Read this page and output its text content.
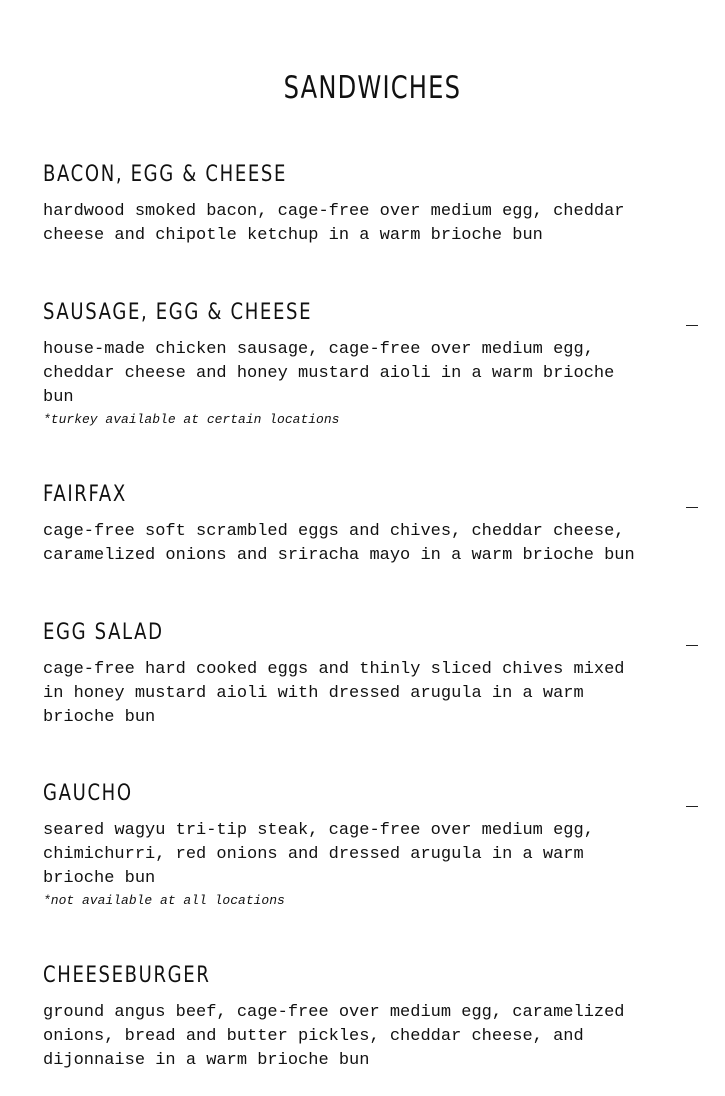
SANDWICHES
BACON, EGG & CHEESE

hardwood smoked bacon, cage-free over medium egg, cheddar cheese and chipotle ketchup in a warm brioche bun

SAUSAGE, EGG & CHEESE

house-made chicken sausage, cage-free over medium egg, cheddar cheese and honey mustard aioli in a warm brioche bun

*turkey available at certain locations

FAIRFAX

cage-free soft scrambled eggs and chives, cheddar cheese, caramelized onions and sriracha mayo in a warm brioche bun

EGG SALAD

cage-free hard cooked eggs and thinly sliced chives mixed in honey mustard aioli with dressed arugula in a warm brioche bun

GAUCHO

seared wagyu tri-tip steak, cage-free over medium egg, chimichurri, red onions and dressed arugula in a warm brioche bun

*not available at all locations

CHEESEBURGER

ground angus beef, cage-free over medium egg, caramelized onions, bread and butter pickles, cheddar cheese, and dijonnaise in a warm brioche bun
